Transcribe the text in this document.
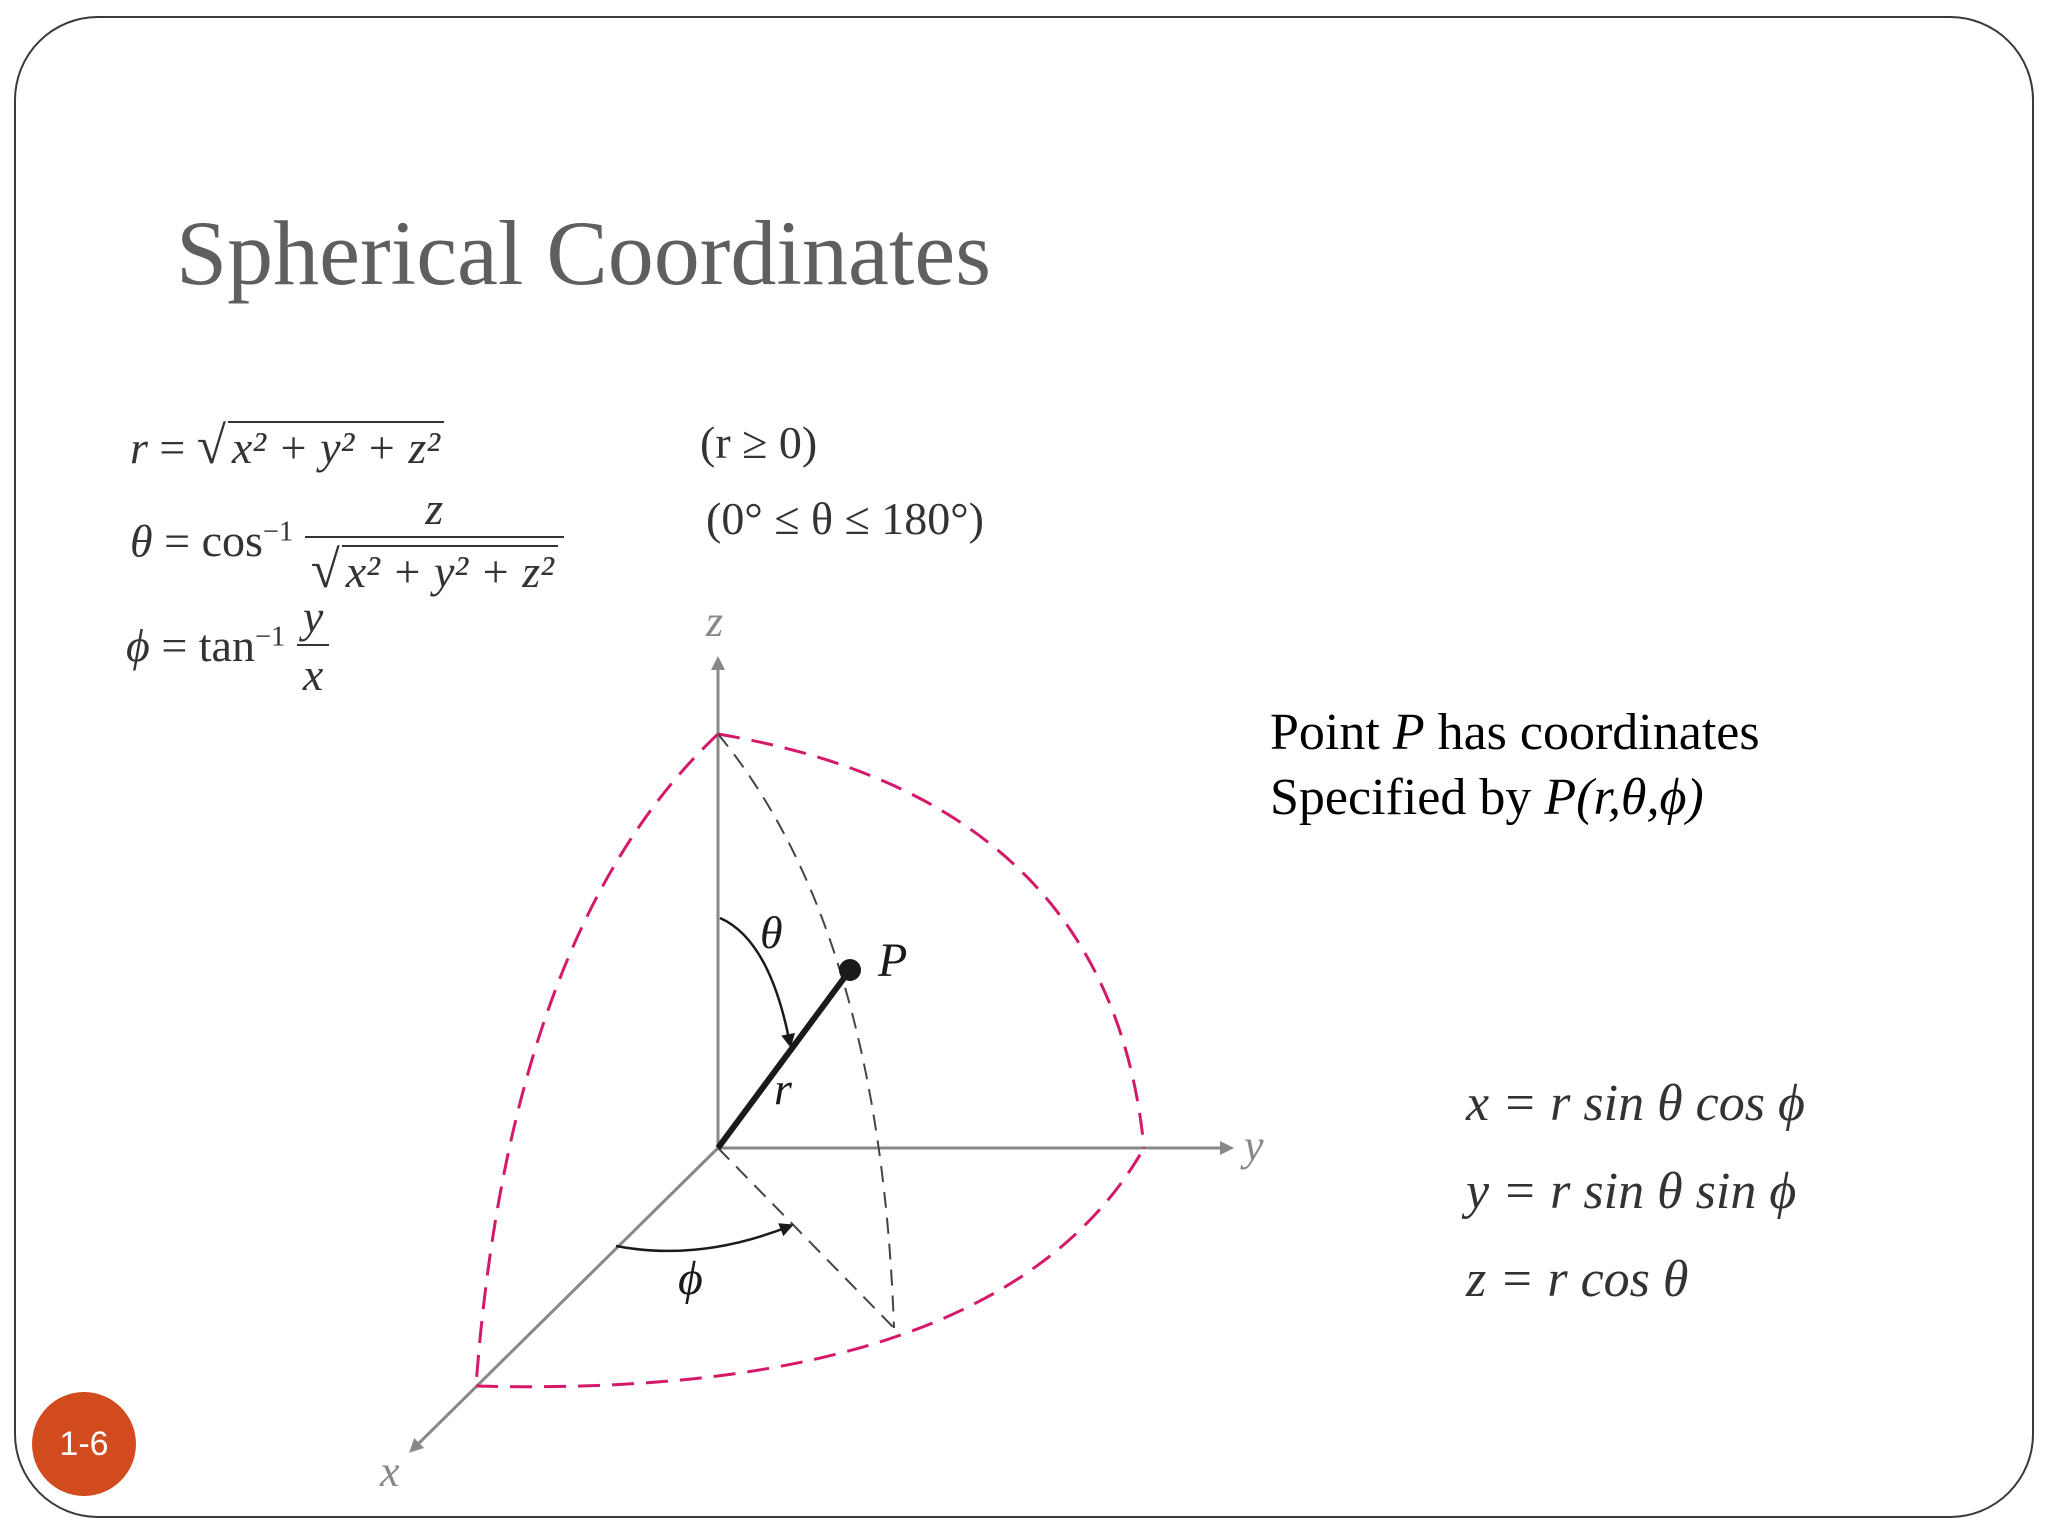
Spherical Coordinates
r = √ x² + y² + z²	(r ≥ 0)
$\theta = \cos^{-1} \frac{z}{\text{√ x² + y² + z²}}$	(0° ≤ θ ≤ 180°)
$\phi = \tan^{-1} \frac{y}{x}$	z
y
x
θ
ϕ
r
P
Point P has coordinates
Specified by P(r,θ,ϕ)
x = r sin θ cos ϕ
y = r sin θ sin ϕ
z = r cos θ
1-6
